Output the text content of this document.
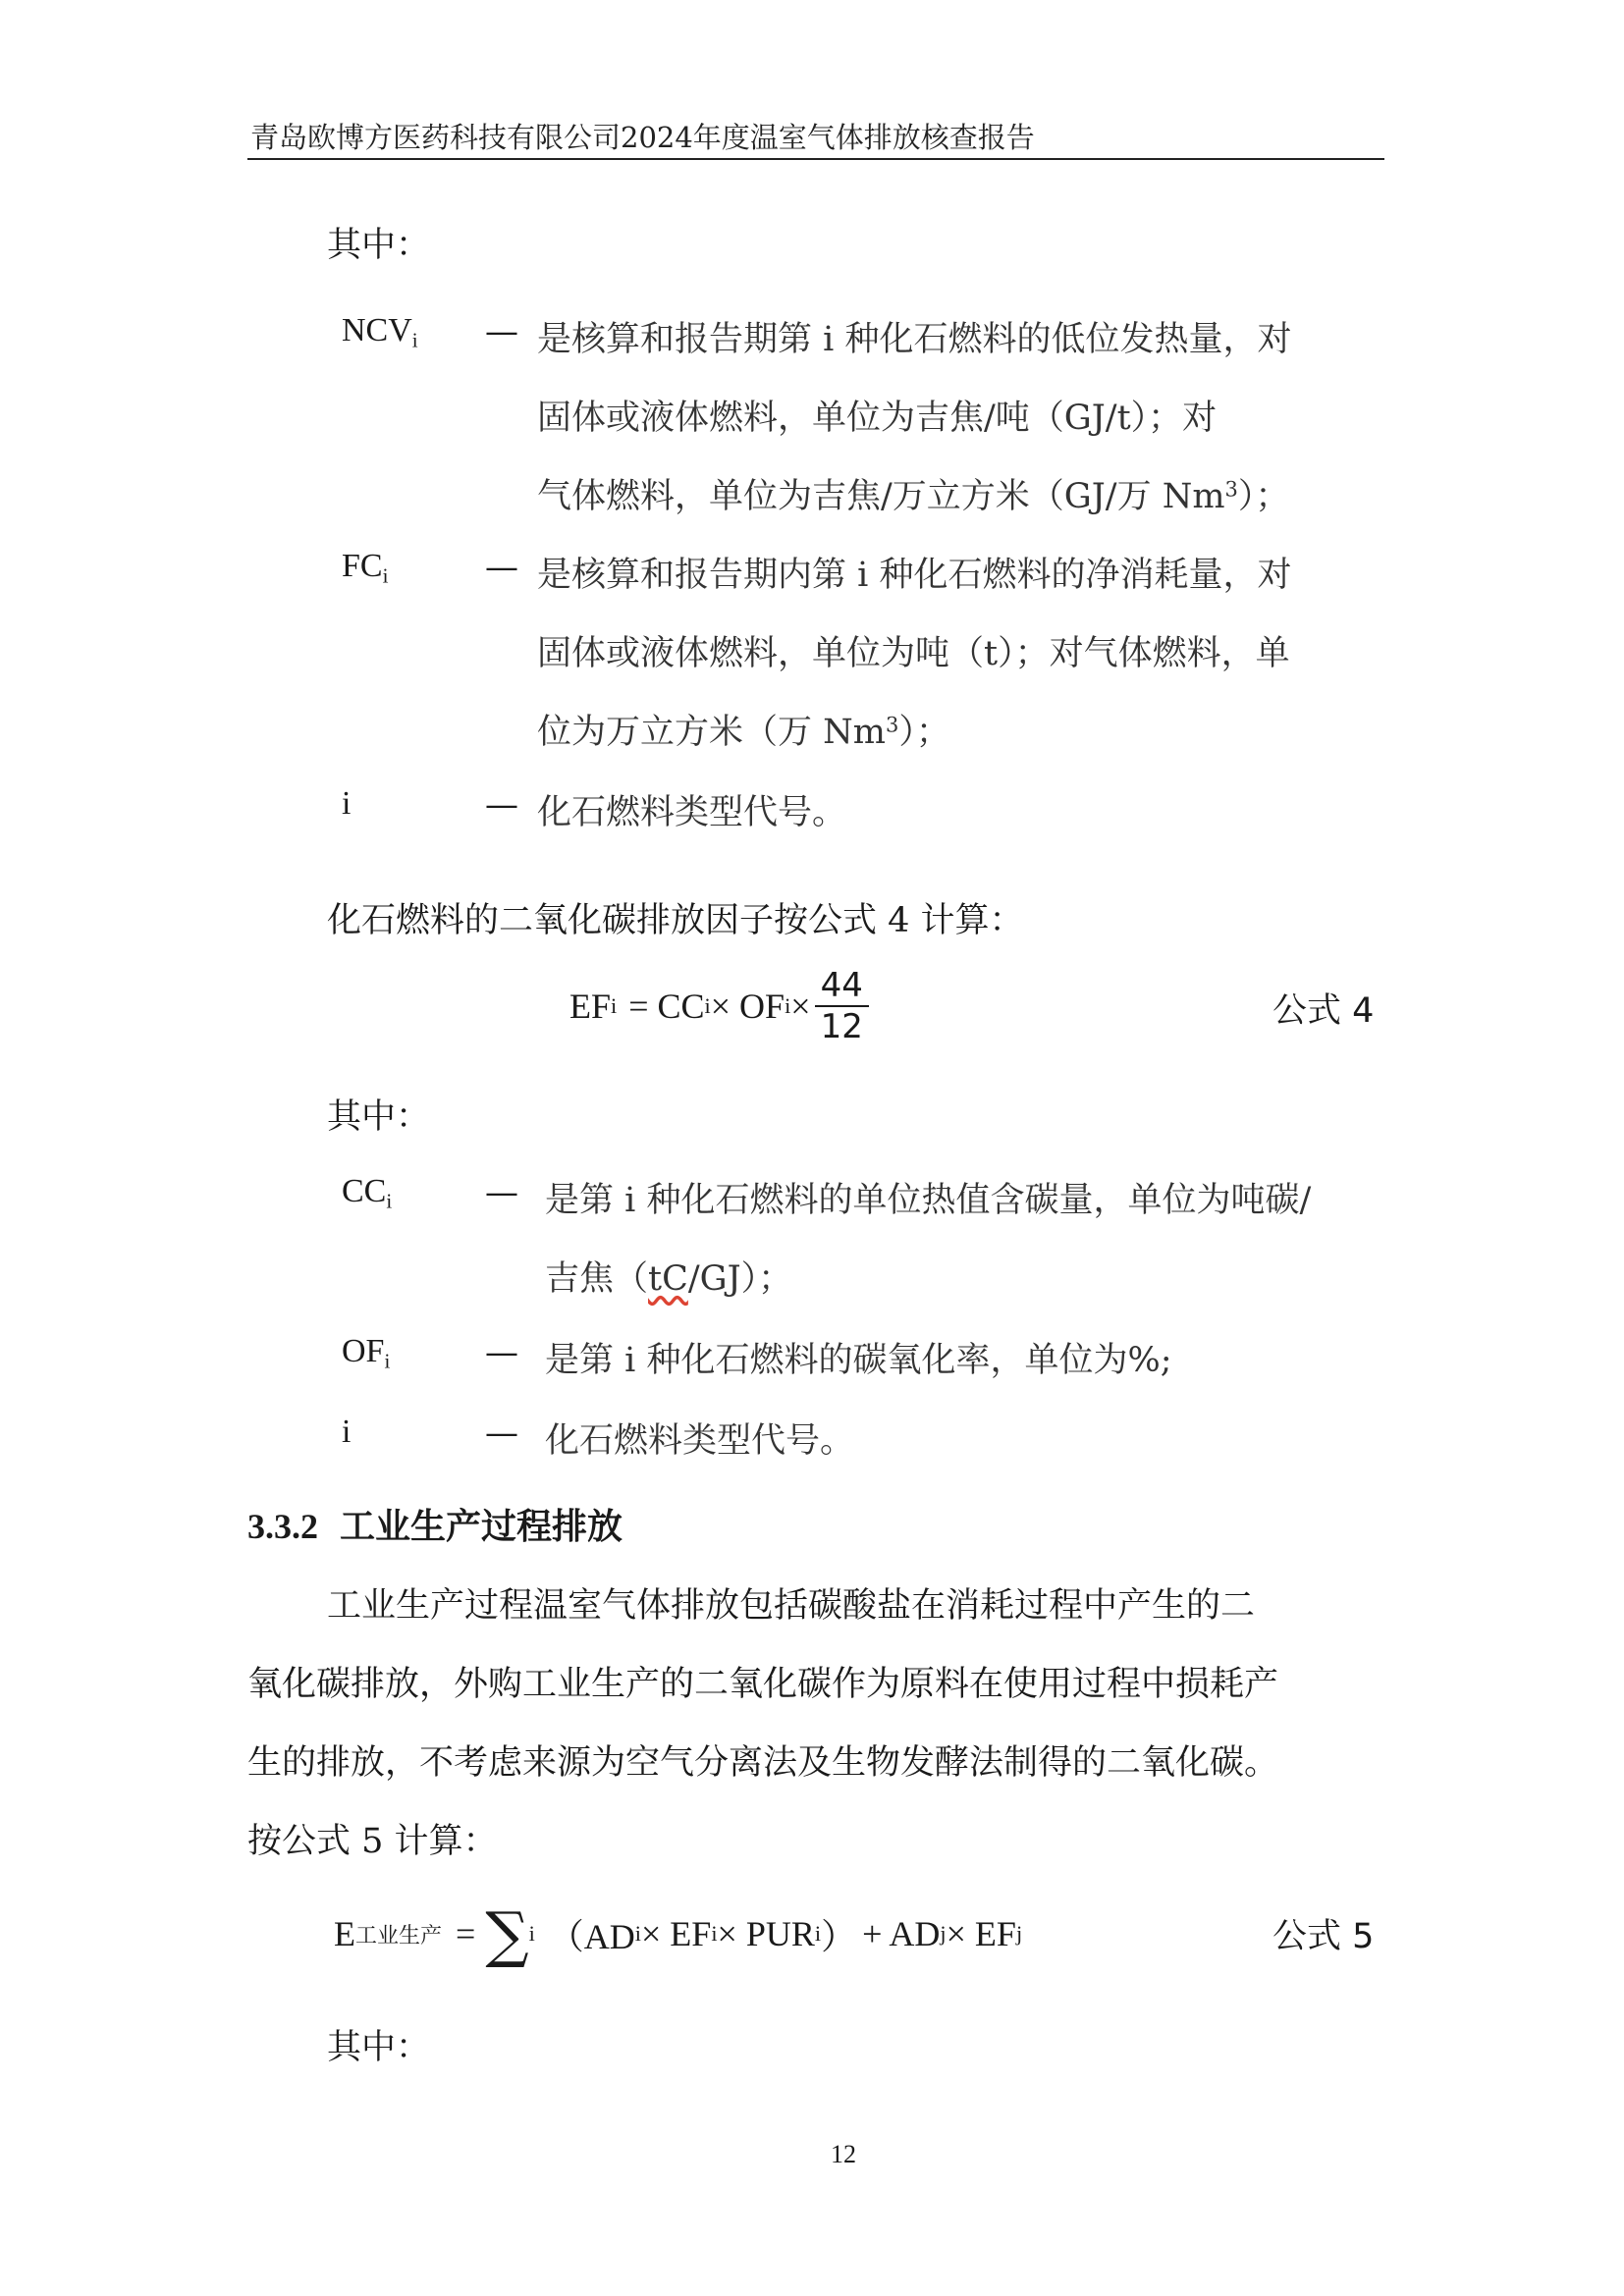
青岛欧博方医药科技有限公司2024年度温室气体排放核查报告
其中：
$NCV_i$ — 是核算和报告期第 i 种化石燃料的低位发热量，对
固体或液体燃料，单位为吉焦/吨（GJ/t）；对
气体燃料，单位为吉焦/万立方米（GJ/万 Nm$^3$）；
$FC_i$	— 是核算和报告期内第 i 种化石燃料的净消耗量，对
固体或液体燃料，单位为吨（t）；对气体燃料，单
位为万立方米（万 Nm$^3$）；
i	— 化石燃料类型代号。
化石燃料的二氧化碳排放因子按公式 4 计算：
EF i = CC i × OF $i \times \frac{44}{12}$	公式 4
其中：
$CC_i$	— 是第 i 种化石燃料的单位热值含碳量，单位为吨碳/
吉焦（tC/GJ）；
$OF_i$	— 是第 i 种化石燃料的碳氧化率，单位为%;
i	— 化石燃料类型代号。
3.3.2 工业生产过程排放
工业生产过程温室气体排放包括碳酸盐在消耗过程中产生的二
氧化碳排放，外购工业生产的二氧化碳作为原料在使用过程中损耗产
生的排放，不考虑来源为空气分离法及生物发酵法制得的二氧化碳。
按公式 5 计算：
E 工业生产 = ∑ i （AD i × EF i × PUR i ） + AD j × EF j	公式 5
其中：
12
